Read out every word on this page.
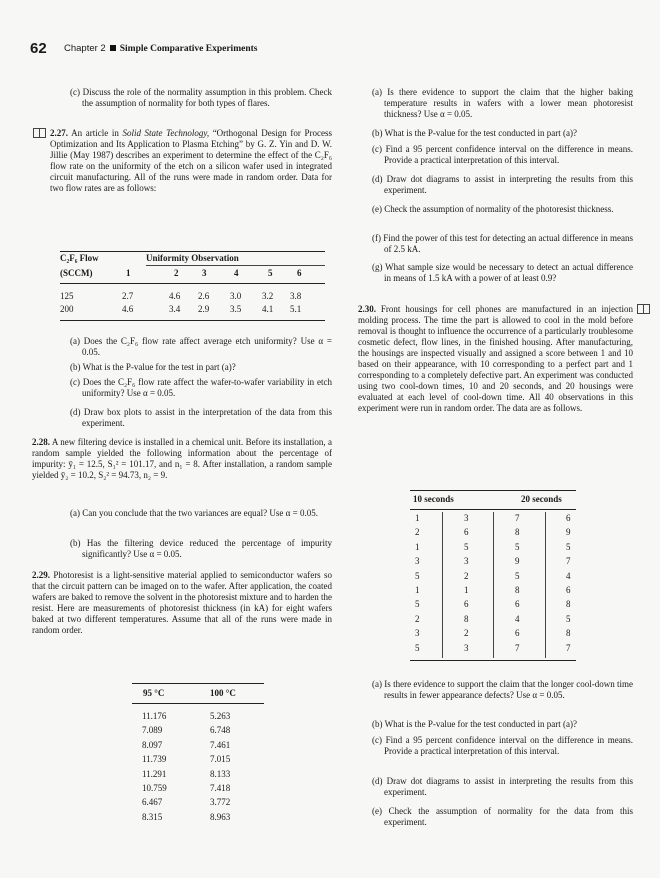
62 Chapter 2 Simple Comparative Experiments

(c) Discuss the role of the normality assumption in this problem. Check the assumption of normality for both types of flares.

2.27. An article in Solid State Technology, “Orthogonal Design for Process Optimization and Its Application to Plasma Etching” by G. Z. Yin and D. W. Jillie (May 1987) describes an experiment to determine the effect of the C₂F₆ flow rate on the uniformity of the etch on a silicon wafer used in integrated circuit manufacturing. All of the runs were made in random order. Data for two flow rates are as follows:

C₂F₆ Flow	Uniformity Observation
(SCCM)	1	2	3	4	5	6
125	2.7	4.6 2.6 3.0 3.2 3.8
200	4.6	3.4 2.9 3.5 4.1 5.1

(a) Does the C₂F₆ flow rate affect average etch uniformity? Use α = 0.05.

(b) What is the P-value for the test in part (a)?

(c) Does the C₂F₆ flow rate affect the wafer-to-wafer variability in etch uniformity? Use α = 0.05.

(d) Draw box plots to assist in the interpretation of the data from this experiment.

2.28. A new filtering device is installed in a chemical unit. Before its installation, a random sample yielded the following information about the percentage of impurity: ȳ₁ = 12.5, S₁² = 101.17, and n₁ = 8. After installation, a random sample yielded ȳ₂ = 10.2, S₂² = 94.73, n₂ = 9.

(a) Can you conclude that the two variances are equal? Use α = 0.05.

(b) Has the filtering device reduced the percentage of impurity significantly? Use α = 0.05.

2.29. Photoresist is a light-sensitive material applied to semiconductor wafers so that the circuit pattern can be imaged on to the wafer. After application, the coated wafers are baked to remove the solvent in the photoresist mixture and to harden the resist. Here are measurements of photoresist thickness (in kA) for eight wafers baked at two different temperatures. Assume that all of the runs were made in random order.

95 °C	100 °C
11.176	5.263
7.089	6.748
8.097	7.461
11.739	7.015
11.291	8.133
10.759	7.418
6.467	3.772
8.315	8.963

(a) Is there evidence to support the claim that the higher baking temperature results in wafers with a lower mean photoresist thickness? Use α = 0.05.

(b) What is the P-value for the test conducted in part (a)?

(c) Find a 95 percent confidence interval on the difference in means. Provide a practical interpretation of this interval.

(d) Draw dot diagrams to assist in interpreting the results from this experiment.

(e) Check the assumption of normality of the photoresist thickness.

(f) Find the power of this test for detecting an actual difference in means of 2.5 kA.

(g) What sample size would be necessary to detect an actual difference in means of 1.5 kA with a power of at least 0.9?

2.30. Front housings for cell phones are manufactured in an injection molding process. The time the part is allowed to cool in the mold before removal is thought to influence the occurrence of a particularly troublesome cosmetic defect, flow lines, in the finished housing. After manufacturing, the housings are inspected visually and assigned a score between 1 and 10 based on their appearance, with 10 corresponding to a perfect part and 1 corresponding to a completely defective part. An experiment was conducted using two cool-down times, 10 and 20 seconds, and 20 housings were evaluated at each level of cool-down time. All 40 observations in this experiment were run in random order. The data are as follows.

10 seconds	20 seconds
1	3	7	6
2	6	8	9
1	5	5	5
3	3	9	7
5	2	5	4
1	1	8	6
5	6	6	8
2	8	4	5
3	2	6	8
5	3	7	7

(a) Is there evidence to support the claim that the longer cool-down time results in fewer appearance defects? Use α = 0.05.

(b) What is the P-value for the test conducted in part (a)?

(c) Find a 95 percent confidence interval on the difference in means. Provide a practical interpretation of this interval.

(d) Draw dot diagrams to assist in interpreting the results from this experiment.

(e) Check the assumption of normality for the data from this experiment.
